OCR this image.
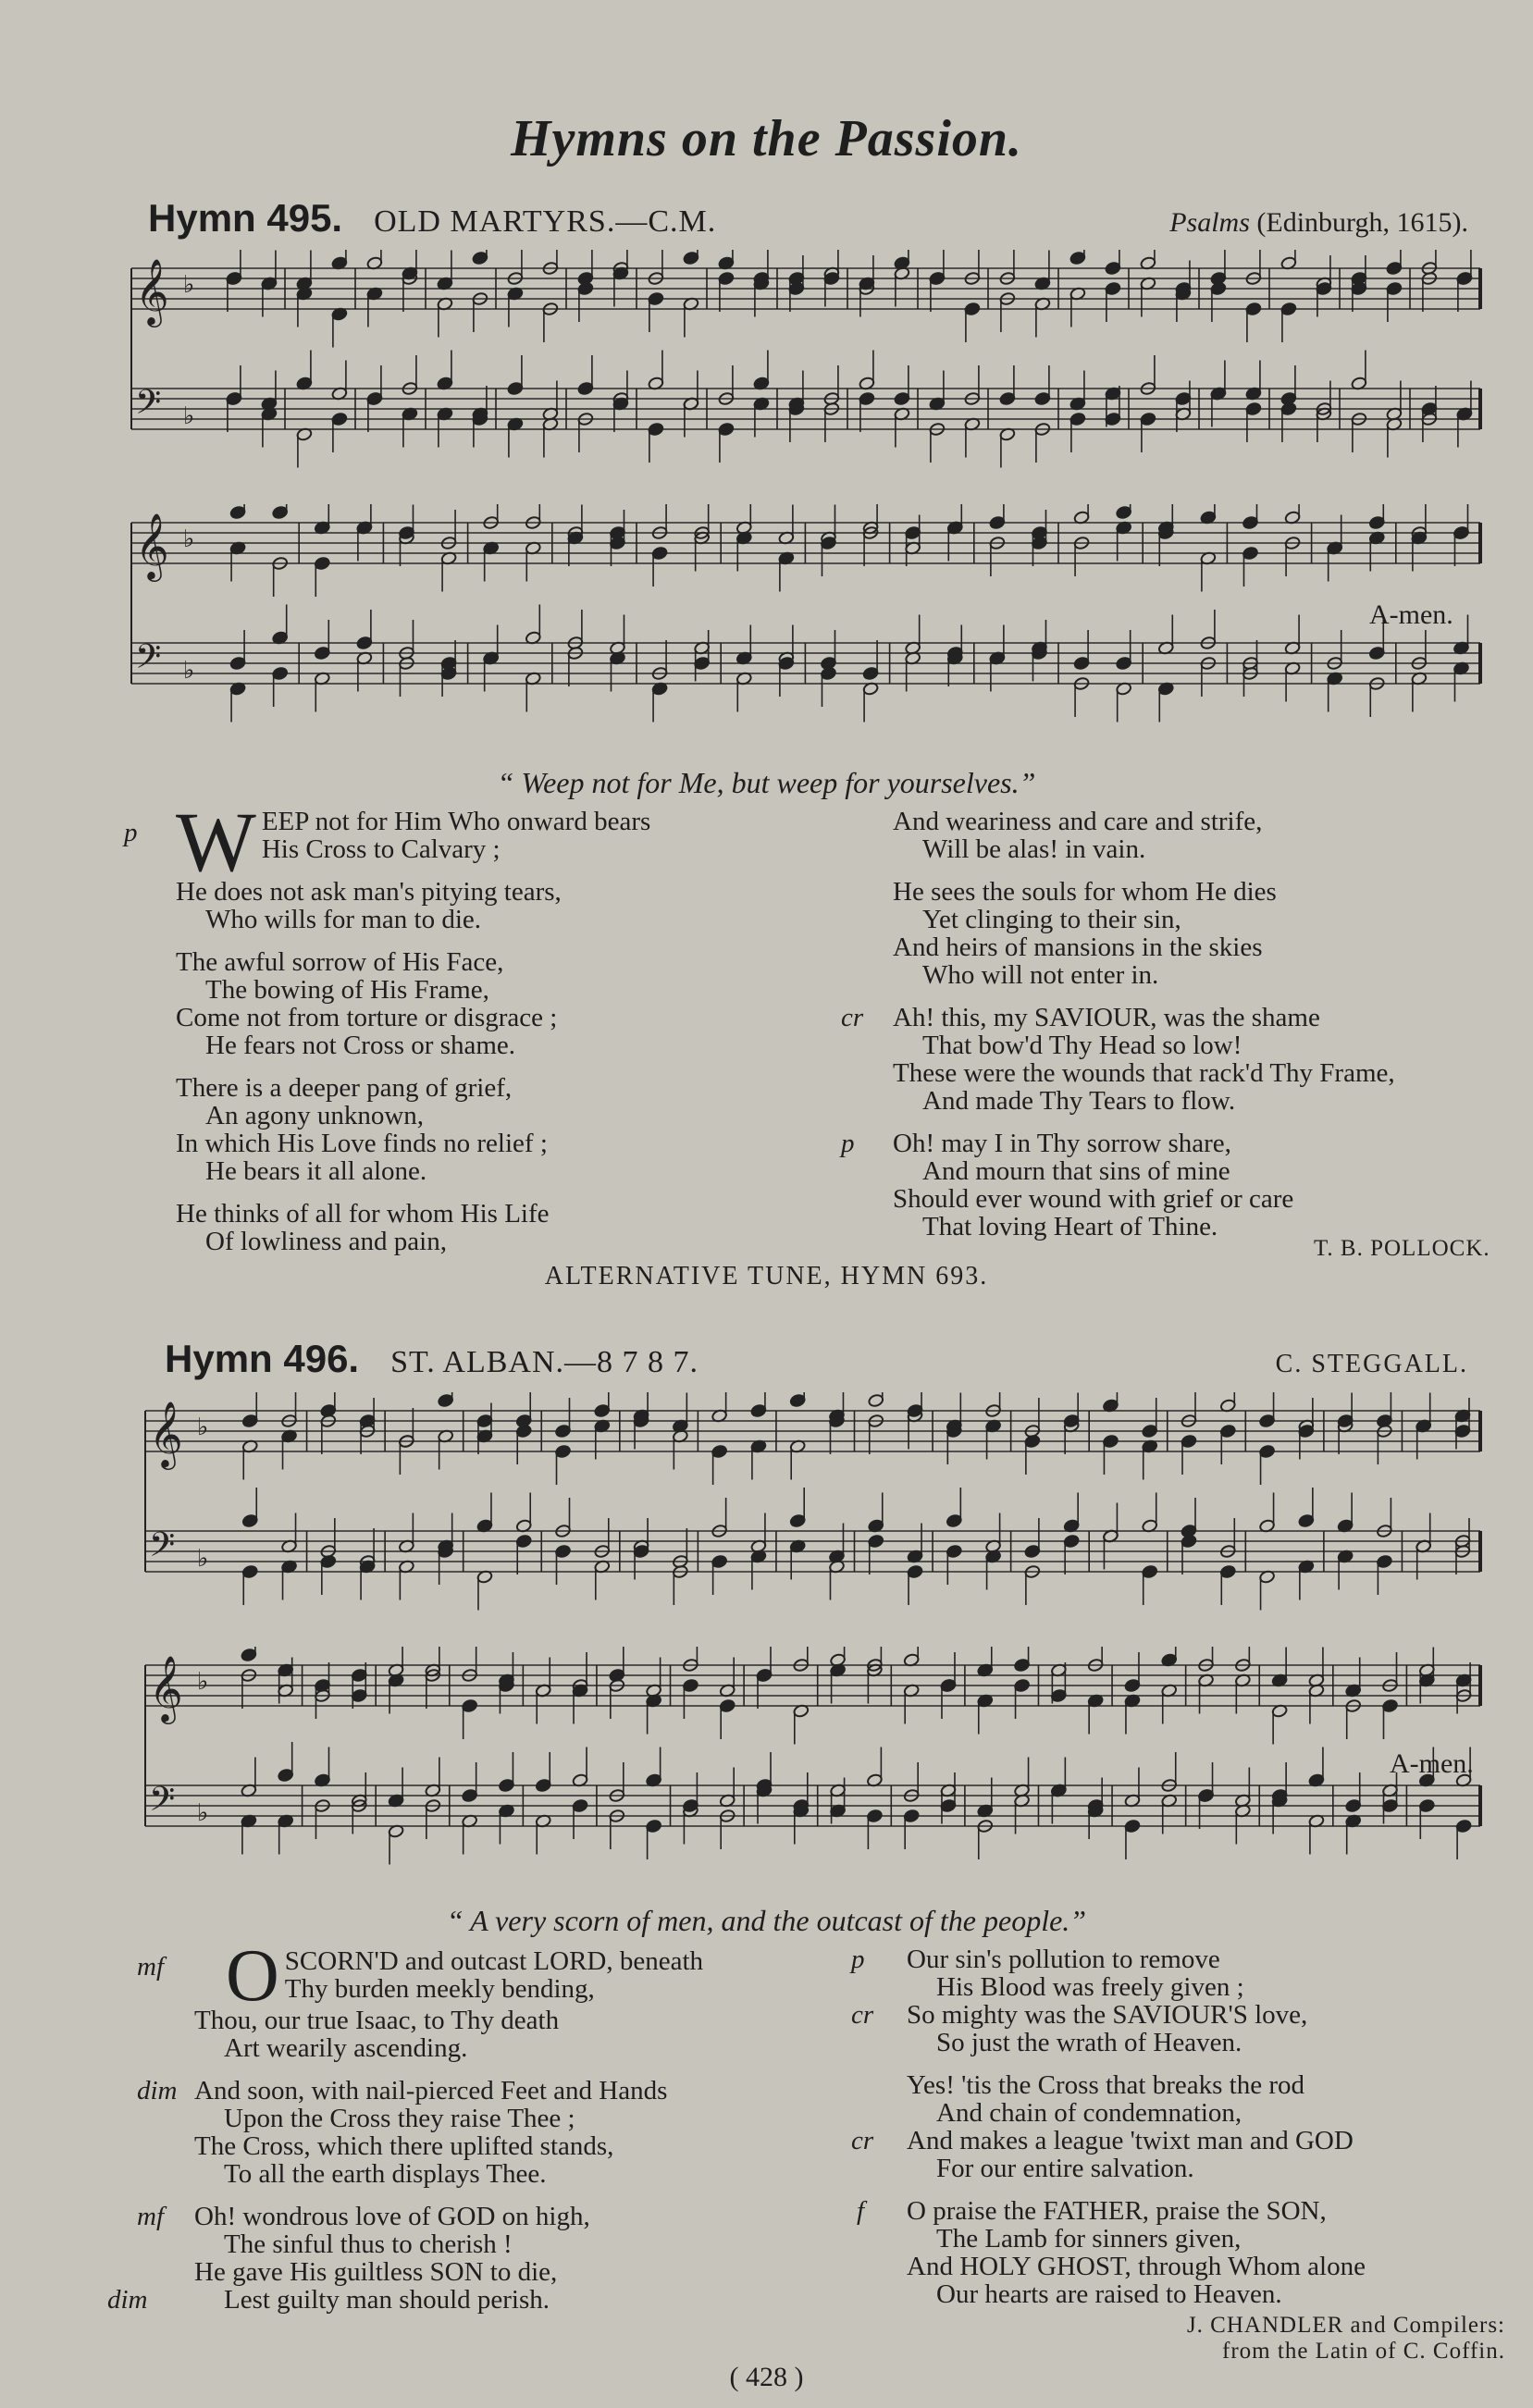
Hymns on the Passion.
Hymn 495. OLD MARTYRS.—C.M.	Psalms (Edinburgh, 1615).
𝄞 ♭
𝄢 ♭
𝄞 ♭
𝄢 ♭
A-men.
“ Weep not for Me, but weep for yourselves.”
p W EEP not for Him Who onward bears
His Cross to Calvary ;
He does not ask man's pitying tears,
Who wills for man to die.
The awful sorrow of His Face,
The bowing of His Frame,
Come not from torture or disgrace ;
He fears not Cross or shame.
There is a deeper pang of grief,
An agony unknown,
In which His Love finds no relief ;
He bears it all alone.
He thinks of all for whom His Life
Of lowliness and pain,
And weariness and care and strife,
Will be alas! in vain.
He sees the souls for whom He dies
Yet clinging to their sin,
And heirs of mansions in the skies
Who will not enter in.
cr Ah! this, my SAVIOUR, was the shame
That bow'd Thy Head so low!
These were the wounds that rack'd Thy Frame,
And made Thy Tears to flow.
p Oh! may I in Thy sorrow share,
And mourn that sins of mine
Should ever wound with grief or care
That loving Heart of Thine.
T. B. POLLOCK.
ALTERNATIVE TUNE, HYMN 693.
Hymn 496. ST. ALBAN.—8 7 8 7.	C. STEGGALL.
𝄞 ♭
𝄢 ♭
𝄞 ♭
𝄢 ♭
A-men.
“ A very scorn of men, and the outcast of the people.”
mf O SCORN'D and outcast LORD, beneath
Thy burden meekly bending,
Thou, our true Isaac, to Thy death
Art wearily ascending.
dim And soon, with nail-pierced Feet and Hands
Upon the Cross they raise Thee ;
The Cross, which there uplifted stands,
To all the earth displays Thee.
mf Oh! wondrous love of GOD on high,
The sinful thus to cherish !
He gave His guiltless SON to die,
dim	Lest guilty man should perish.
p Our sin's pollution to remove
His Blood was freely given ;
cr So mighty was the SAVIOUR'S love,
So just the wrath of Heaven.
Yes! 'tis the Cross that breaks the rod
And chain of condemnation,
cr And makes a league 'twixt man and GOD
For our entire salvation.
f O praise the FATHER, praise the SON,
The Lamb for sinners given,
And HOLY GHOST, through Whom alone
Our hearts are raised to Heaven.
J. CHANDLER and Compilers:
from the Latin of C. Coffin.
( 428 )
